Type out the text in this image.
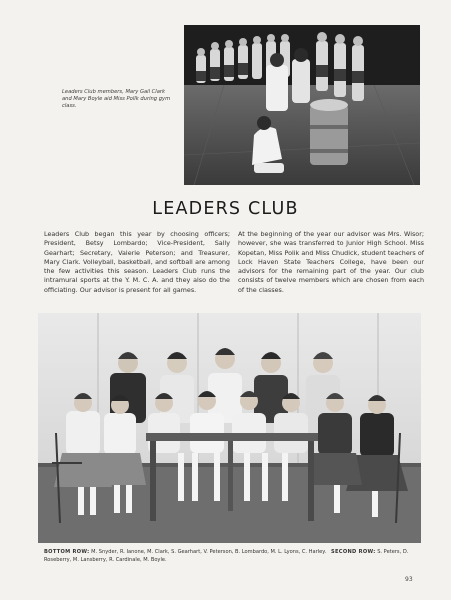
Leaders Club members, Mary Gail Clark and Mary Boyle aid Miss Pollk during gym class.
LEADERS CLUB
Leaders Club began this year by choosing officers; President, Betsy Lombardo; Vice-President, Sally Gearhart; Secretary, Valerie Peterson; and Treasurer, Mary Clark. Volleyball, basketball, and softball are among the few activities this season. Leaders Club runs the intramural sports at the Y. M. C. A. and they also do the officiating. Our advisor is present for all games.
At the beginning of the year our advisor was Mrs. Wisor; however, she was transferred to Junior High School. Miss Kopetan, Miss Polik and Miss Chudick, student teachers of Lock Haven State Teachers College, have been our advisors for the remaining part of the year. Our club consists of twelve members which are chosen from each of the classes.
BOTTOM ROW: M. Snyder, R. Ianone, M. Clark, S. Gearhart, V. Peterson, B. Lombardo, M. L. Lyons, C. Harley. SECOND ROW: S. Peters, D. Roseberry, M. Lansberry, R. Cardinale, M. Boyle.
93
